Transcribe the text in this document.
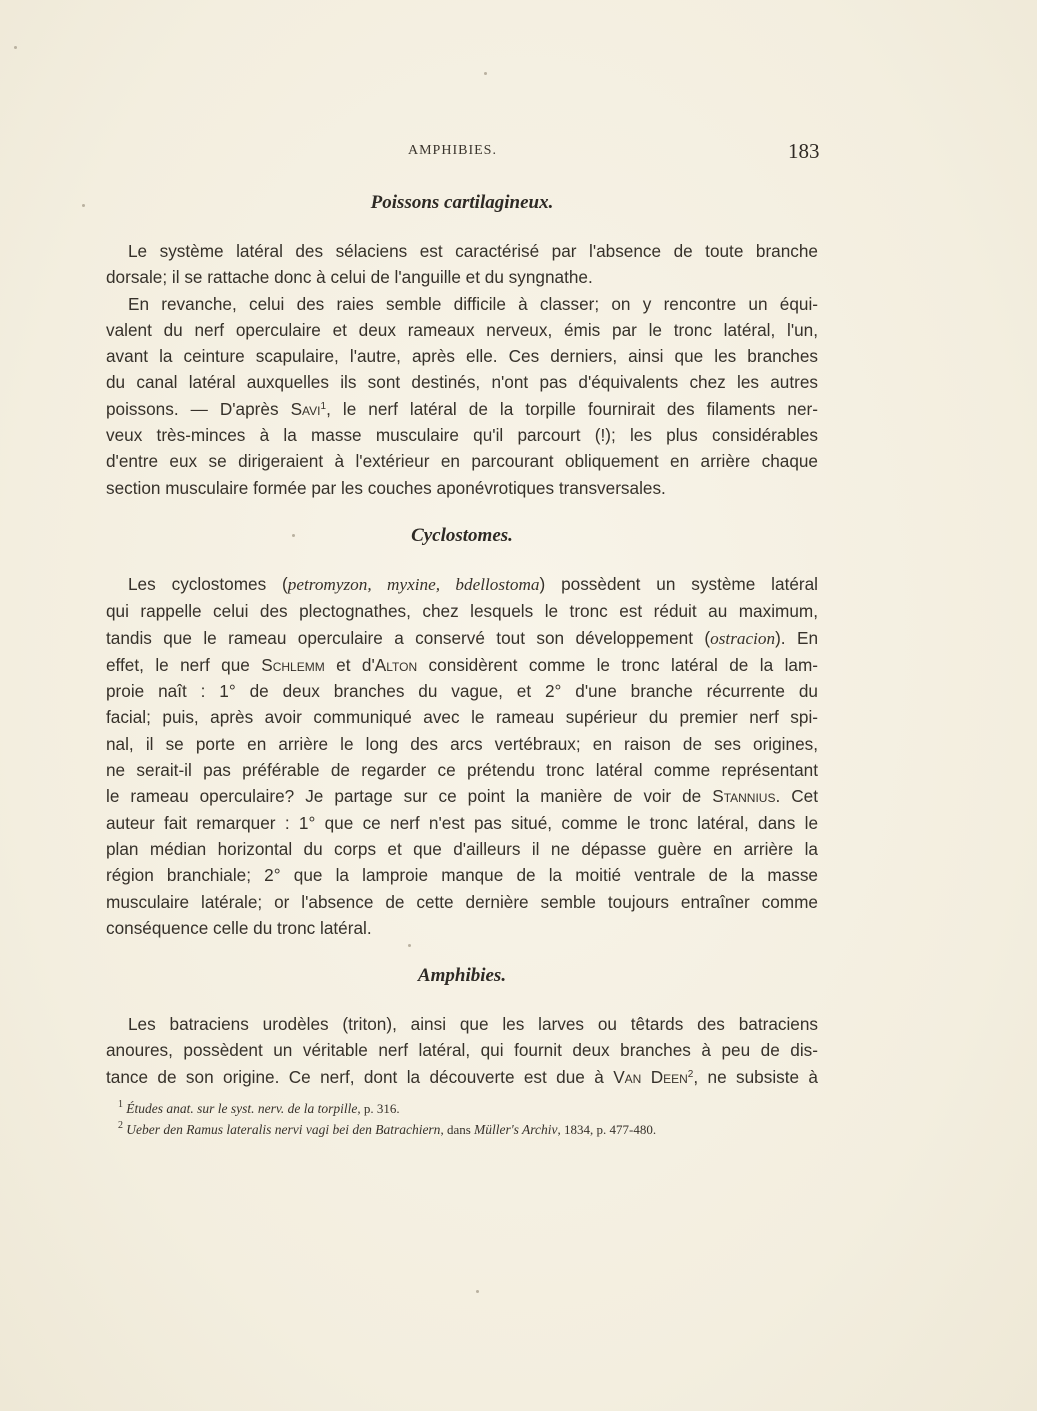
AMPHIBIES.	183
Poissons cartilagineux.

Le système latéral des sélaciens est caractérisé par l'absence de toute branche
dorsale; il se rattache donc à celui de l'anguille et du syngnathe.

En revanche, celui des raies semble difficile à classer; on y rencontre un équi-
valent du nerf operculaire et deux rameaux nerveux, émis par le tronc latéral, l'un,
avant la ceinture scapulaire, l'autre, après elle. Ces derniers, ainsi que les branches
du canal latéral auxquelles ils sont destinés, n'ont pas d'équivalents chez les autres
poissons. — D'après Savi$^1$, le nerf latéral de la torpille fournirait des filaments ner-
veux très-minces à la masse musculaire qu'il parcourt (!); les plus considérables
d'entre eux se dirigeraient à l'extérieur en parcourant obliquement en arrière chaque
section musculaire formée par les couches aponévrotiques transversales.

Cyclostomes.

Les cyclostomes (petromyzon, myxine, bdellostoma) possèdent un système latéral
qui rappelle celui des plectognathes, chez lesquels le tronc est réduit au maximum,
tandis que le rameau operculaire a conservé tout son développement (ostracion). En
effet, le nerf que Schlemm et d'Alton considèrent comme le tronc latéral de la lam-
proie naît : 1° de deux branches du vague, et 2° d'une branche récurrente du
facial; puis, après avoir communiqué avec le rameau supérieur du premier nerf spi-
nal, il se porte en arrière le long des arcs vertébraux; en raison de ses origines,
ne serait-il pas préférable de regarder ce prétendu tronc latéral comme représentant
le rameau operculaire? Je partage sur ce point la manière de voir de Stannius. Cet
auteur fait remarquer : 1° que ce nerf n'est pas situé, comme le tronc latéral, dans le
plan médian horizontal du corps et que d'ailleurs il ne dépasse guère en arrière la
région branchiale; 2° que la lamproie manque de la moitié ventrale de la masse
musculaire latérale; or l'absence de cette dernière semble toujours entraîner comme
conséquence celle du tronc latéral.

Amphibies.

Les batraciens urodèles (triton), ainsi que les larves ou têtards des batraciens
anoures, possèdent un véritable nerf latéral, qui fournit deux branches à peu de dis-
tance de son origine. Ce nerf, dont la découverte est due à Van Deen$^2$, ne subsiste à

$^1$ Études anat. sur le syst. nerv. de la torpille, p. 316.
$^2$ Ueber den Ramus lateralis nervi vagi bei den Batrachiern, dans Müller's Archiv, 1834, p. 477-480.
